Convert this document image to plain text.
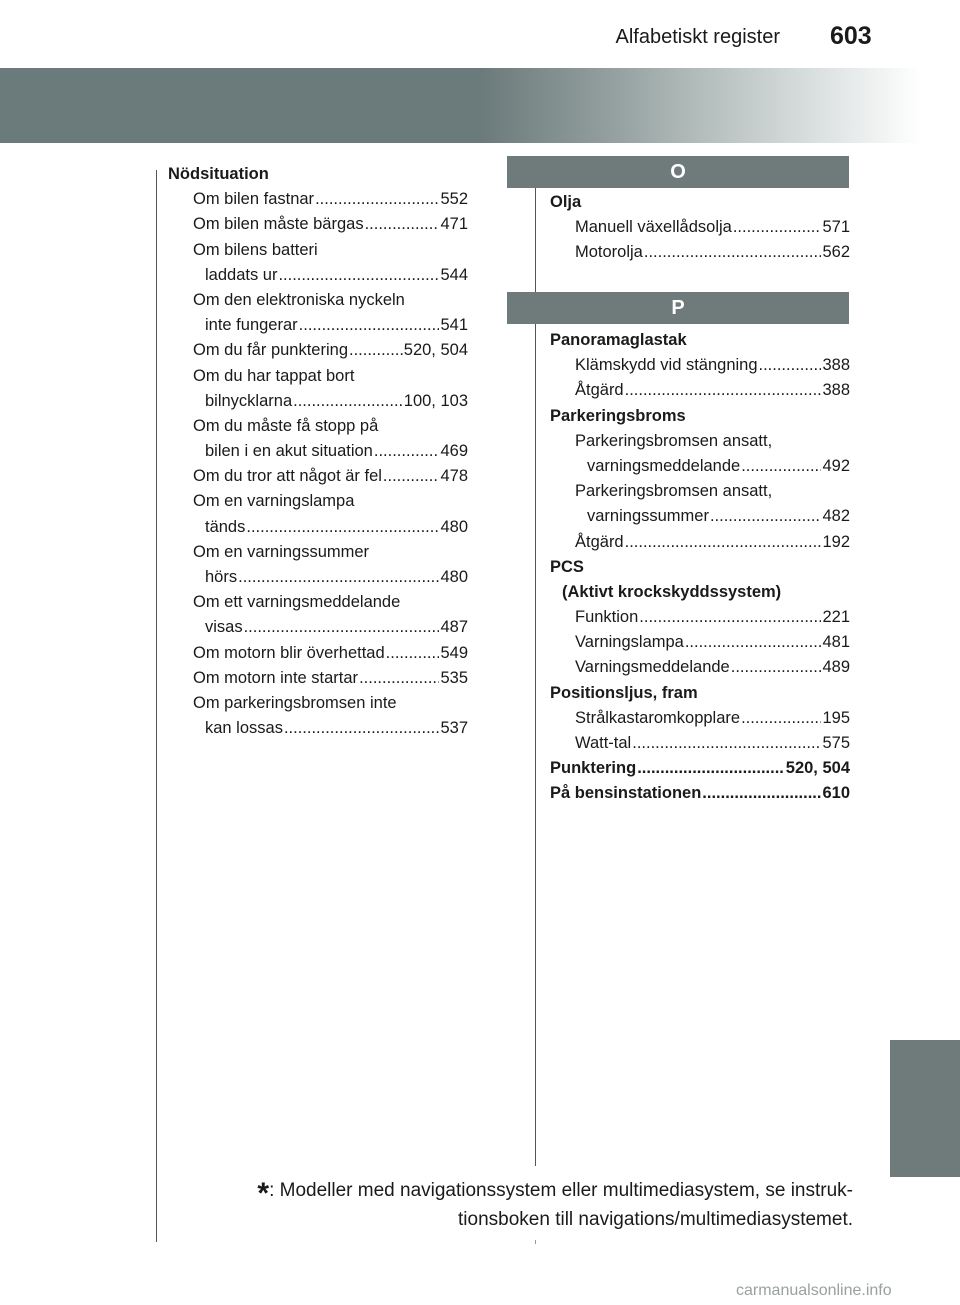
Alfabetiskt register 603
Nödsituation
Om bilen fastnar .....	552
Om bilen måste bärgas .....	471
Om bilens batteri
laddats ur .....	544
Om den elektroniska nyckeln
inte fungerar .....	541
Om du får punktering .....	520, 504
Om du har tappat bort
bilnycklarna .....	100, 103
Om du måste få stopp på
bilen i en akut situation .....	469
Om du tror att något är fel .....	478
Om en varningslampa
tänds .....	480
Om en varningssummer
hörs .....	480
Om ett varningsmeddelande
visas .....	487
Om motorn blir överhettad .....	549
Om motorn inte startar .....	535
Om parkeringsbromsen inte
kan lossas .....	537
O
Olja
Manuell växellådsolja .....	571
Motorolja .....	562
P
Panoramaglastak
Klämskydd vid stängning .....	388
Åtgärd .....	388
Parkeringsbroms
Parkeringsbromsen ansatt,
varningsmeddelande .....	492
Parkeringsbromsen ansatt,
varningssummer .....	482
Åtgärd .....	192
PCS
(Aktivt krockskyddssystem)
Funktion .....	221
Varningslampa .....	481
Varningsmeddelande .....	489
Positionsljus, fram
Strålkastaromkopplare .....	195
Watt-tal .....	575
Punktering .....	520, 504
På bensinstationen .....	610
*: Modeller med navigationssystem eller multimediasystem, se instruk-
tionsboken till navigations/multimediasystemet.
carmanualsonline.info
